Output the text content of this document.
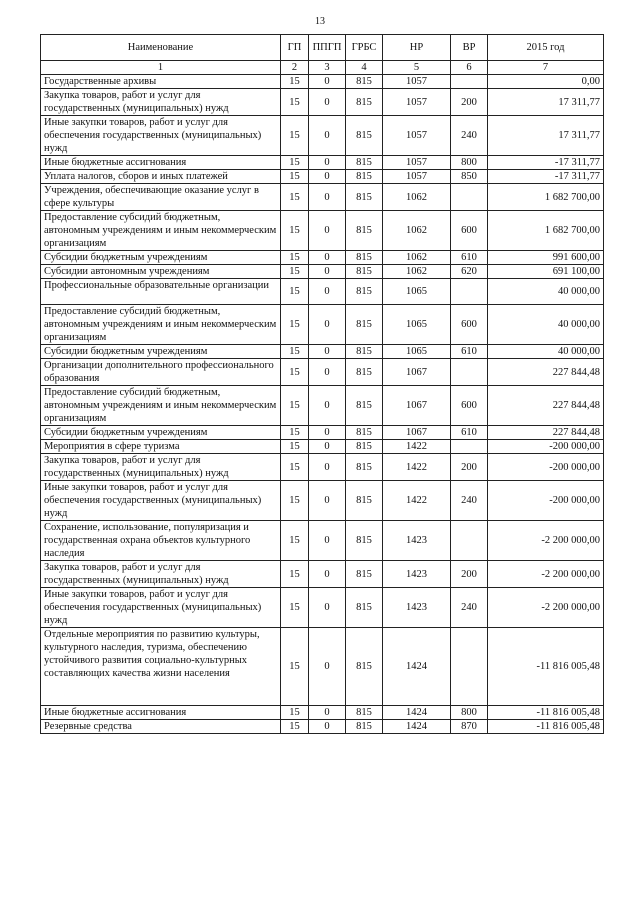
13
Наименование	ГП	ППГП	ГРБС	НР	ВР	2015 год
1	2	3	4	5	6	7
Государственные архивы	15	0	815	1057		0,00
Закупка товаров, работ и услуг для государственных (муниципальных) нужд	15	0	815	1057	200	17 311,77
Иные закупки товаров, работ и услуг для обеспечения государственных (муниципальных) нужд	15	0	815	1057	240	17 311,77
Иные бюджетные ассигнования	15	0	815	1057	800	-17 311,77
Уплата налогов, сборов и иных платежей	15	0	815	1057	850	-17 311,77
Учреждения, обеспечивающие оказание услуг в сфере культуры	15	0	815	1062		1 682 700,00
Предоставление субсидий бюджетным, автономным учреждениям и иным некоммерческим организациям	15	0	815	1062	600	1 682 700,00
Субсидии бюджетным учреждениям	15	0	815	1062	610	991 600,00
Субсидии автономным учреждениям	15	0	815	1062	620	691 100,00
Профессиональные образовательные организации	15	0	815	1065		40 000,00
Предоставление субсидий бюджетным, автономным учреждениям и иным некоммерческим организациям	15	0	815	1065	600	40 000,00
Субсидии бюджетным учреждениям	15	0	815	1065	610	40 000,00
Организации дополнительного профессионального образования	15	0	815	1067		227 844,48
Предоставление субсидий бюджетным, автономным учреждениям и иным некоммерческим организациям	15	0	815	1067	600	227 844,48
Субсидии бюджетным учреждениям	15	0	815	1067	610	227 844,48
Мероприятия в сфере туризма	15	0	815	1422		-200 000,00
Закупка товаров, работ и услуг для государственных (муниципальных) нужд	15	0	815	1422	200	-200 000,00
Иные закупки товаров, работ и услуг для обеспечения государственных (муниципальных) нужд	15	0	815	1422	240	-200 000,00
Сохранение, использование, популяризация и государственная охрана объектов культурного наследия	15	0	815	1423		-2 200 000,00
Закупка товаров, работ и услуг для государственных (муниципальных) нужд	15	0	815	1423	200	-2 200 000,00
Иные закупки товаров, работ и услуг для обеспечения государственных (муниципальных) нужд	15	0	815	1423	240	-2 200 000,00
Отдельные мероприятия по развитию культуры, культурного наследия, туризма, обеспечению устойчивого развития социально-культурных составляющих качества жизни населения	15	0	815	1424		-11 816 005,48
Иные бюджетные ассигнования	15	0	815	1424	800	-11 816 005,48
Резервные средства	15	0	815	1424	870	-11 816 005,48
